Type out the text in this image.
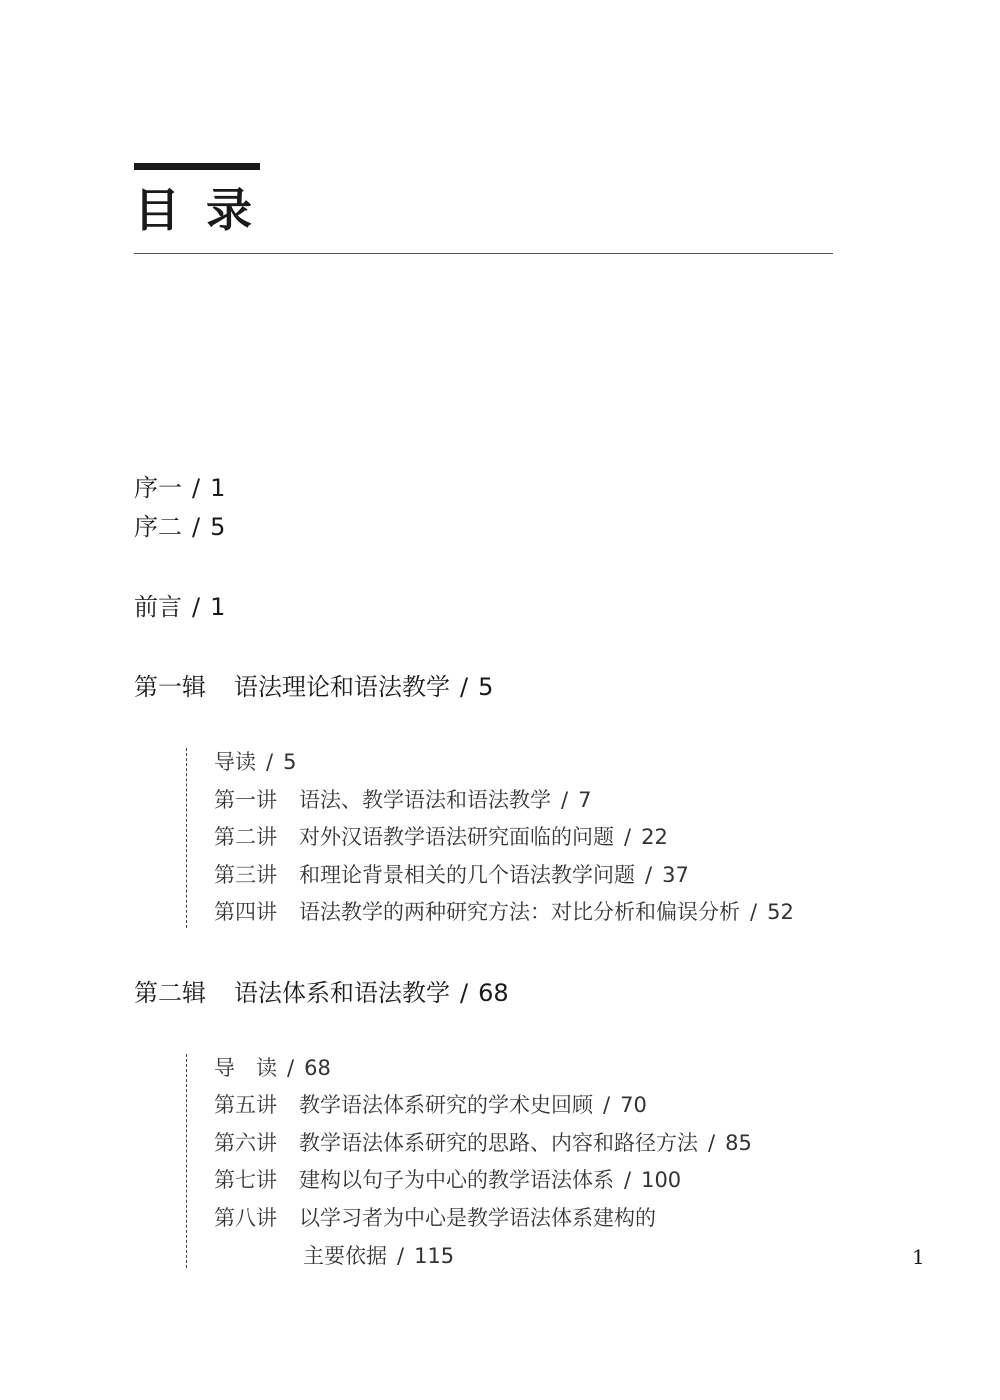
目录
序一 / 1
序二 / 5
前言 / 1
第一辑 语法理论和语法教学 / 5
导读 / 5
第一讲 语法、教学语法和语法教学 / 7
第二讲 对外汉语教学语法研究面临的问题 / 22
第三讲 和理论背景相关的几个语法教学问题 / 37
第四讲 语法教学的两种研究方法：对比分析和偏误分析 / 52
第二辑 语法体系和语法教学 / 68
导　读 / 68
第五讲 教学语法体系研究的学术史回顾 / 70
第六讲 教学语法体系研究的思路、内容和路径方法 / 85
第七讲 建构以句子为中心的教学语法体系 / 100
第八讲 以学习者为中心是教学语法体系建构的
主要依据 / 115	1
